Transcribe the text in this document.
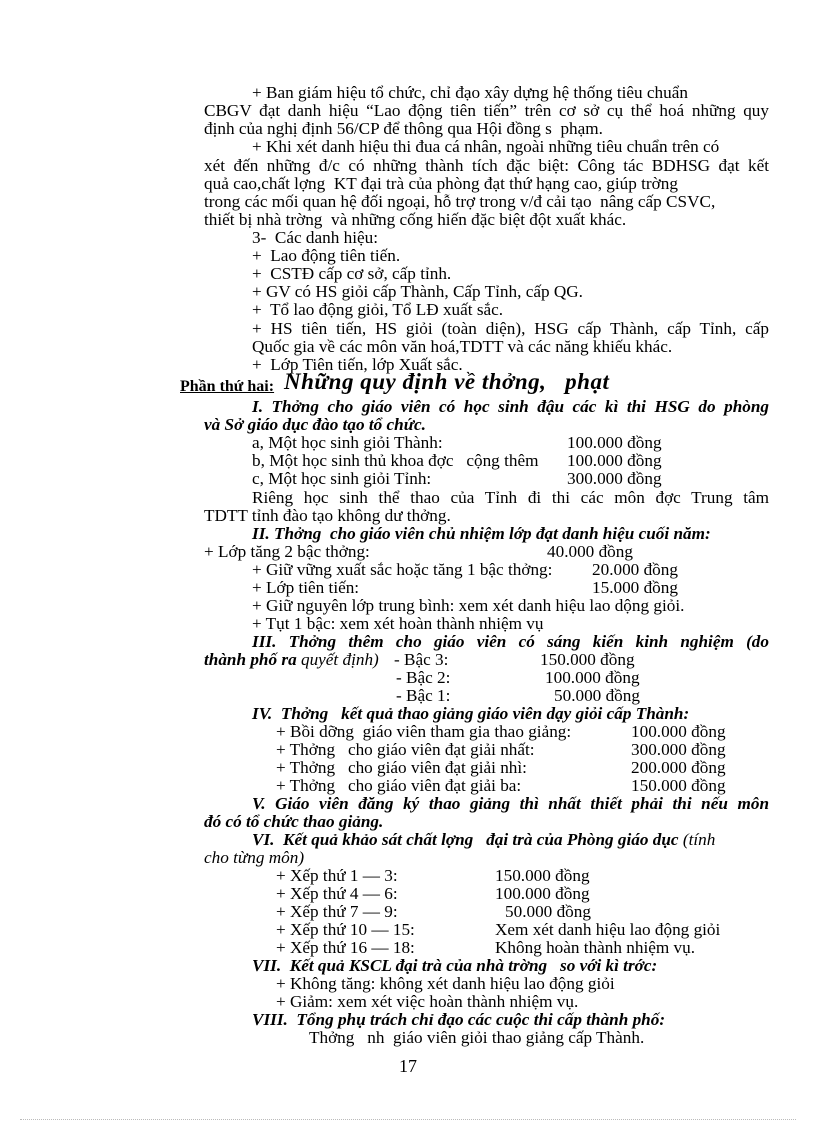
+ Ban giám hiệu tổ chức, chỉ đạo xây dựng hệ thống tiêu chuẩn
CBGV đạt danh hiệu “Lao động tiên tiến” trên cơ sở cụ thể hoá những quy
định của nghị định 56/CP để thông qua Hội đồng s  phạm.
+ Khi xét danh hiệu thi đua cá nhân, ngoài những tiêu chuẩn trên có
xét đến những đ/c có những thành tích đặc biệt: Công tác BDHSG đạt kết
quả cao,chất lợng  KT đại trà của phòng đạt thứ hạng cao, giúp trờng
trong các mối quan hệ đối ngoại, hỗ trợ trong v/đ cải tạo  nâng cấp CSVC,
thiết bị nhà trờng  và những cống hiến đặc biệt đột xuất khác.
3-  Các danh hiệu:
+  Lao động tiên tiến.
+  CSTĐ cấp cơ sở, cấp tỉnh.
+ GV có HS giỏi cấp Thành, Cấp Tỉnh, cấp QG.
+  Tổ lao động giỏi, Tổ LĐ xuất sắc.
+ HS tiên tiến, HS giỏi (toàn diện), HSG cấp Thành, cấp Tỉnh, cấp
Quốc gia về các môn văn hoá,TDTT và các năng khiếu khác.
+  Lớp Tiên tiến, lớp Xuất sắc.
Phần thứ hai: Những quy định về thởng,   phạt
I. Thởng cho giáo viên có học sinh đậu các kì thi HSG do phòng
và Sở giáo dục đào tạo tổ chức.
a, Một học sinh giỏi Thành:	100.000 đồng
b, Một học sinh thủ khoa đợc   cộng thêm 100.000 đồng
c, Một học sinh giỏi Tỉnh:	300.000 đồng
Riêng học sinh thể thao của Tỉnh đi thi các môn đợc Trung tâm
TDTT tỉnh đào tạo không dư thởng.
II. Thởng  cho giáo viên chủ nhiệm lớp đạt danh hiệu cuối năm:
+ Lớp tăng 2 bậc thởng:	40.000 đồng
+ Giữ vững xuất sắc hoặc tăng 1 bậc thởng: 20.000 đồng
+ Lớp tiên tiến:	15.000 đồng
+ Giữ nguyên lớp trung bình: xem xét danh hiệu lao dộng giỏi.
+ Tụt 1 bậc: xem xét hoàn thành nhiệm vụ
III. Thởng thêm cho giáo viên có sáng kiến kinh nghiệm (do
thành phố ra quyết định) - Bậc 3:	150.000 đồng
- Bậc 2:	100.000 đồng
- Bậc 1:	50.000 đồng
IV.  Thởng   kết quả thao giảng giáo viên dạy giỏi cấp Thành:
+ Bồi dỡng  giáo viên tham gia thao giảng:	100.000 đồng
+ Thởng   cho giáo viên đạt giải nhất:	300.000 đồng
+ Thởng   cho giáo viên đạt giải nhì:	200.000 đồng
+ Thởng   cho giáo viên đạt giải ba:	150.000 đồng
V. Giáo viên đăng ký thao giảng thì nhất thiết phải thi nếu môn
đó có tổ chức thao giảng.
VI.  Kết quả khảo sát chất lợng   đại trà của Phòng giáo dục (tính
cho từng môn)
+ Xếp thứ 1 — 3:	150.000 đồng
+ Xếp thứ 4 — 6:	100.000 đồng
+ Xếp thứ 7 — 9:	50.000 đồng
+ Xếp thứ 10 — 15:	Xem xét danh hiệu lao động giỏi
+ Xếp thứ 16 — 18:	Không hoàn thành nhiệm vụ.
VII.  Kết quả KSCL đại trà của nhà trờng   so với kì trớc:
+ Không tăng: không xét danh hiệu lao động giỏi
+ Giảm: xem xét việc hoàn thành nhiệm vụ.
VIII.  Tổng phụ trách chỉ đạo các cuộc thi cấp thành phố:
Thởng   nh  giáo viên giỏi thao giảng cấp Thành.
17
